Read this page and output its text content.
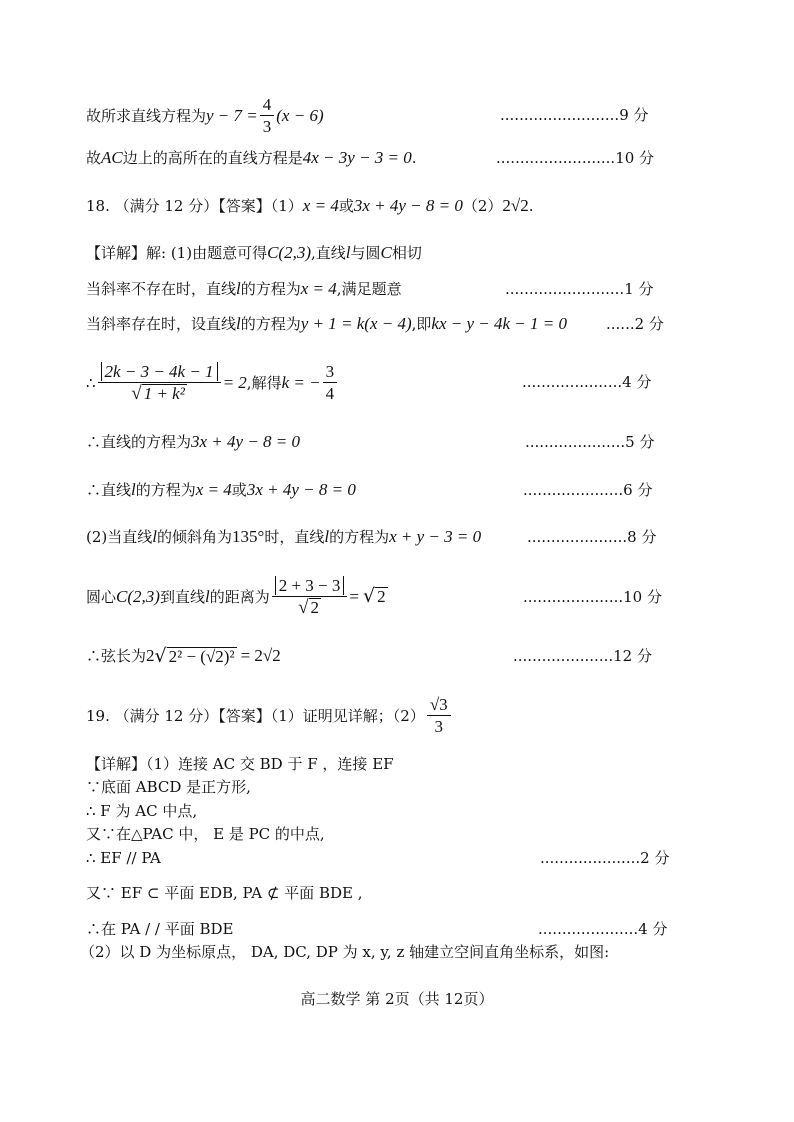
故所求直线方程为 $y - 7 = \frac{4}{3} (x - 6)$	.........................9 分
故 AC 边上的高所在的直线方程是 4x − 3y − 3 = 0 .	.........................10 分
18. （满分 12 分）【答案】（1） x = 4 或 3x + 4y − 8 = 0 （2） 2√2 .
【详解】解: (1)由题意可得 C(2,3) ,直线 l 与圆 C 相切
当斜率不存在时，直线 l 的方程为 x = 4 ,满足题意	.........................1 分
当斜率存在时，设直线 l 的方程为 y + 1 = k(x − 4) ,即 kx − y − 4k − 1 = 0	......2 分
∴ $\frac{2k - 3 - 4k - 1}{\text{√ 1 + k²}} = 2$ ,解得 k = − $\frac{3}{4}$	.....................4 分
∴直线的方程为 3x + 4y − 8 = 0	.....................5 分
∴直线 l 的方程为 x = 4 或 3x + 4y − 8 = 0	.....................6 分
(2)当直线 l 的倾斜角为 135° 时，直线 l 的方程为 x + y − 3 = 0	.....................8 分
圆心 C(2,3) 到直线 l 的距离为 $\frac{2 + 3 - 3}{√ 2}$ = √ 2	.....................10 分
∴弦长为 2 √ 2² − (√2)² = 2√2	.....................12 分
19. （满分 12 分）【答案】（1）证明见详解；$(2) \frac{√3}{3}$
【详解】（1）连接 AC 交 BD 于 F ，连接 EF
∵底面 ABCD 是正方形,
∴ F 为 AC 中点,
又∵在△PAC 中， E 是 PC 的中点,
∴ EF // PA	.....................2 分
又∵ EF ⊂ 平面 EDB, PA ⊄ 平面 BDE ,
∴在 PA / / 平面 BDE	.....................4 分
（2）以 D 为坐标原点， DA, DC, DP 为 x, y, z 轴建立空间直角坐标系，如图:
高二数学 第 2页（共 12页）
